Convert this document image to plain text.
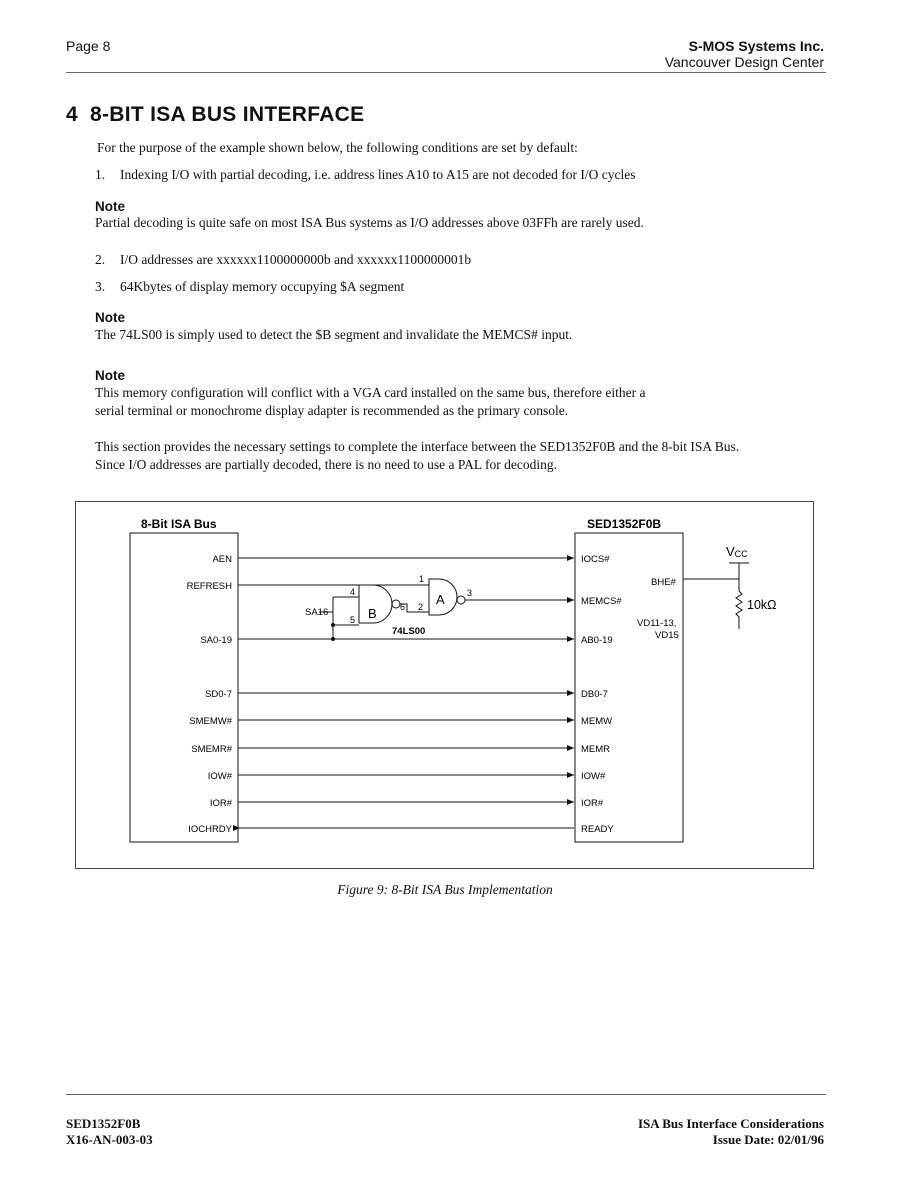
Page 8	S-MOS Systems Inc.
Vancouver Design Center
4 8-BIT ISA BUS INTERFACE
For the purpose of the example shown below, the following conditions are set by default:
1. Indexing I/O with partial decoding, i.e. address lines A10 to A15 are not decoded for I/O cycles
Note
Partial decoding is quite safe on most ISA Bus systems as I/O addresses above 03FFh are rarely used.
2. I/O addresses are xxxxxx1100000000b and xxxxxx1100000001b
3. 64Kbytes of display memory occupying $A segment
Note
The 74LS00 is simply used to detect the $B segment and invalidate the MEMCS# input.
Note
This memory configuration will conflict with a VGA card installed on the same bus, therefore either a
serial terminal or monochrome display adapter is recommended as the primary console.
This section provides the necessary settings to complete the interface between the SED1352F0B and the 8-bit ISA Bus.
Since I/O addresses are partially decoded, there is no need to use a PAL for decoding.
8-Bit ISA Bus	SED1352F0B
AEN
REFRESH
SA0-19
SD0-7
SMEMW#
SMEMR#
IOW#
IOR#
IOCHRDY
IOCS#
MEMCS#
AB0-19
DB0-7
MEMW
MEMR
IOW#
IOR#
READY
SA16	B
74LS00
A
1
2
3
4
5
6
BHE#
VD11-13,
VD15
VCC
10kΩ
Figure 9: 8-Bit ISA Bus Implementation
SED1352F0B
X16-AN-003-03
ISA Bus Interface Considerations
Issue Date: 02/01/96
